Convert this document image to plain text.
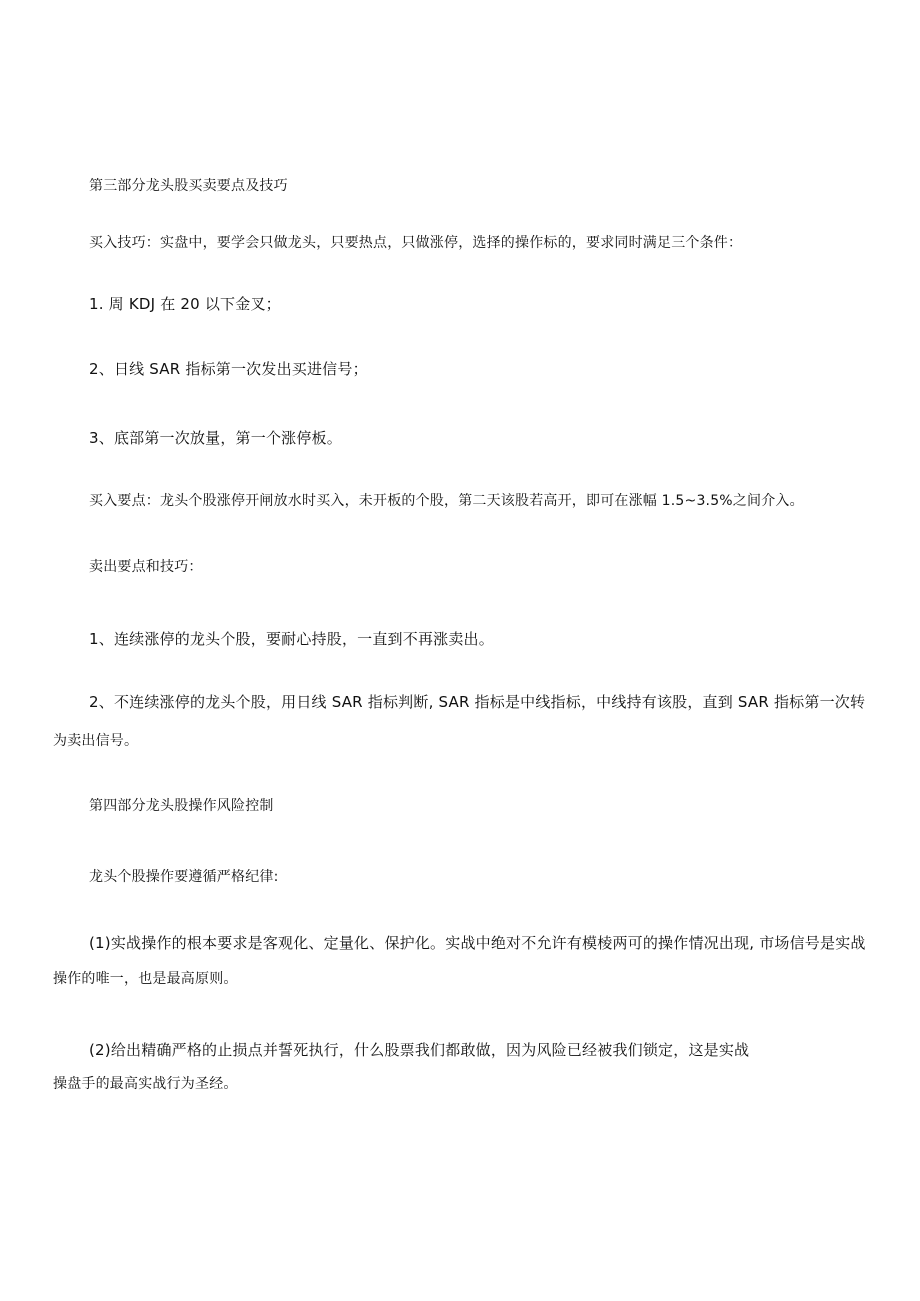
第三部分龙头股买卖要点及技巧
买入技巧：实盘中，要学会只做龙头，只要热点，只做涨停，选择的操作标的，要求同时满足三个条件：
1. 周 KDJ 在 20 以下金叉；
2、日线 SAR 指标第一次发出买进信号；
3、底部第一次放量，第一个涨停板。
买入要点：龙头个股涨停开闸放水时买入，未开板的个股，第二天该股若高开，即可在涨幅 1.5~3.5%之间介入。
卖出要点和技巧：
1、连续涨停的龙头个股，要耐心持股，一直到不再涨卖出。
2、不连续涨停的龙头个股，用日线 SAR 指标判断, SAR 指标是中线指标，中线持有该股，直到 SAR 指标第一次转
为卖出信号。
第四部分龙头股操作风险控制
龙头个股操作要遵循严格纪律:
(1)实战操作的根本要求是客观化、定量化、保护化。实战中绝对不允许有模棱两可的操作情况出现, 市场信号是实战
操作的唯一，也是最高原则。
(2)给出精确严格的止损点并誓死执行，什么股票我们都敢做，因为风险已经被我们锁定，这是实战
操盘手的最高实战行为圣经。
